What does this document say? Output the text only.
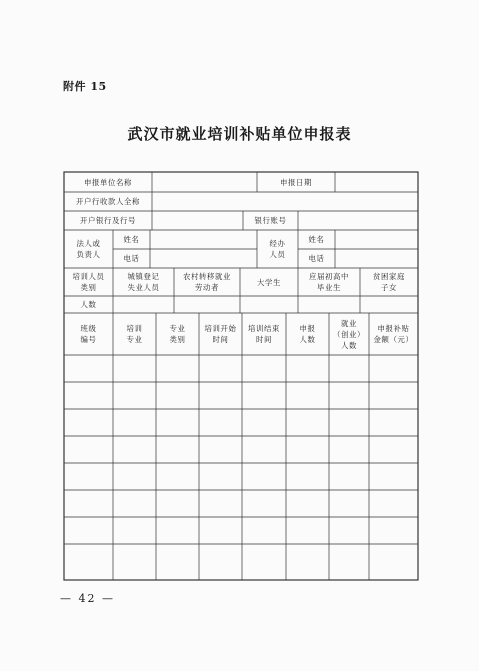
附件 15
武汉市就业培训补贴单位申报表
申报单位名称	申报日期
开户行收款人全称
开户银行及行号	银行账号
法人或
负责人
姓名
电话
经办
人员
姓名
电话
培训人员
类别
城镇登记
失业人员
农村转移就业
劳动者
大学生
应届初高中
毕业生
贫困家庭
子女
人数
班级
编号
培训
专业
专业
类别
培训开始
时间
培训结束
时间
申报
人数
就业
（创业）
人数
申报补贴
金额（元）
— 42 —
